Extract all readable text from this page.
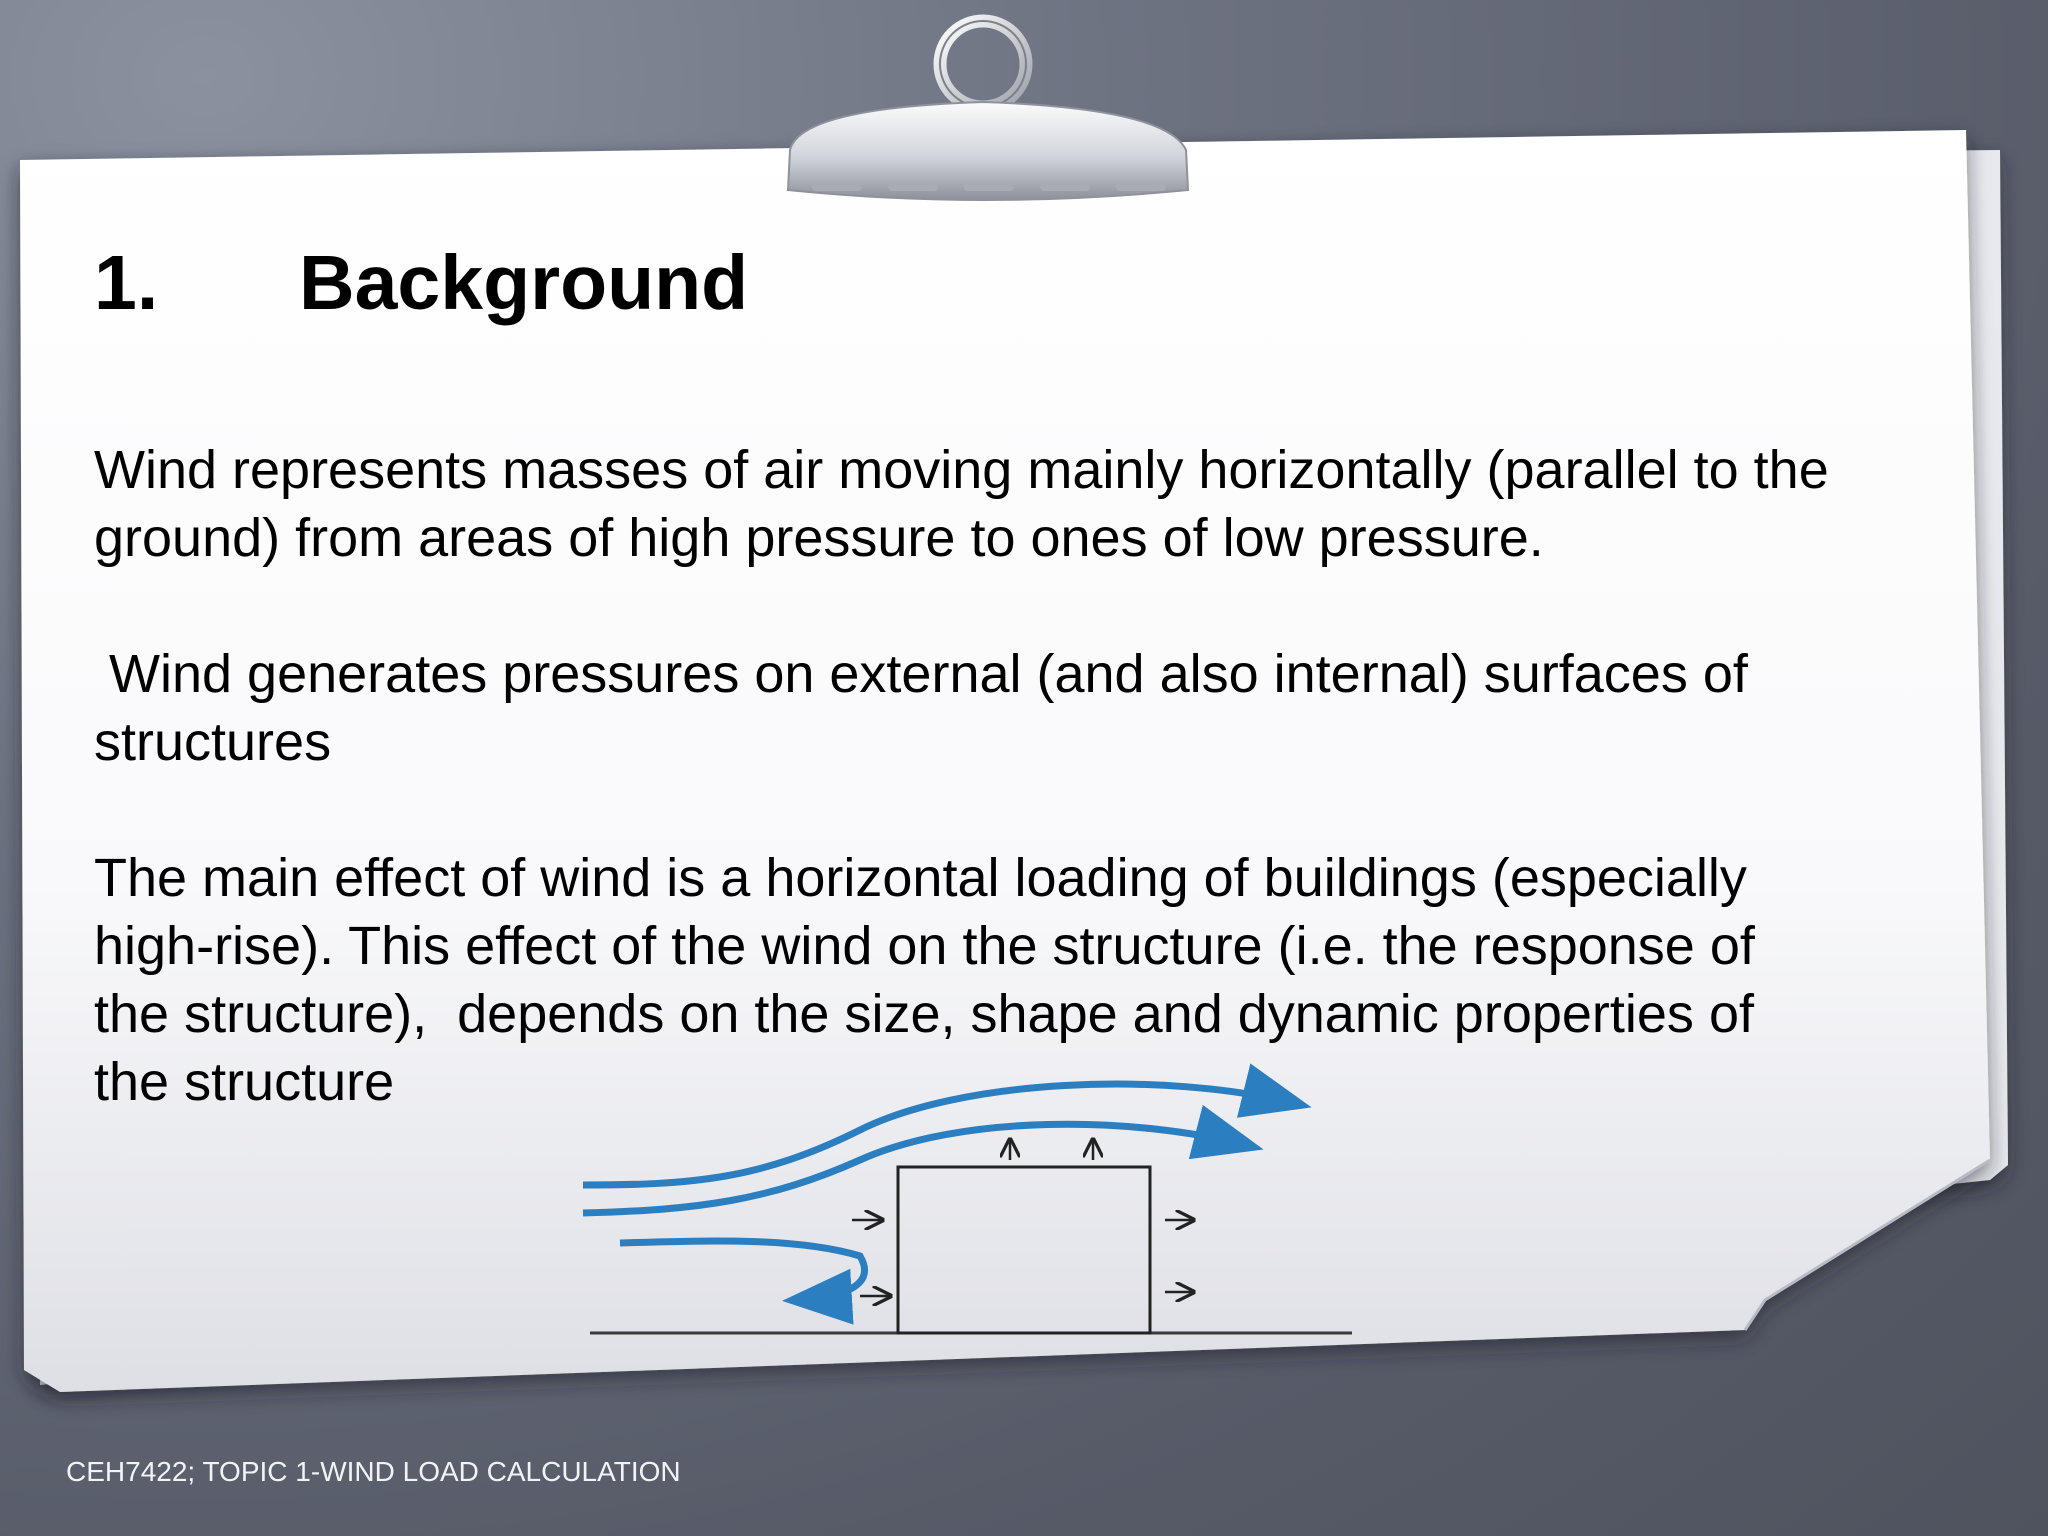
1. Background

Wind represents masses of air moving mainly horizontally (parallel to the
ground) from areas of high pressure to ones of low pressure.

Wind generates pressures on external (and also internal) surfaces of
structures

The main effect of wind is a horizontal loading of buildings (especially
high-rise). This effect of the wind on the structure (i.e. the response of
the structure),  depends on the size, shape and dynamic properties of
the structure

CEH7422; TOPIC 1-WIND LOAD CALCULATION
